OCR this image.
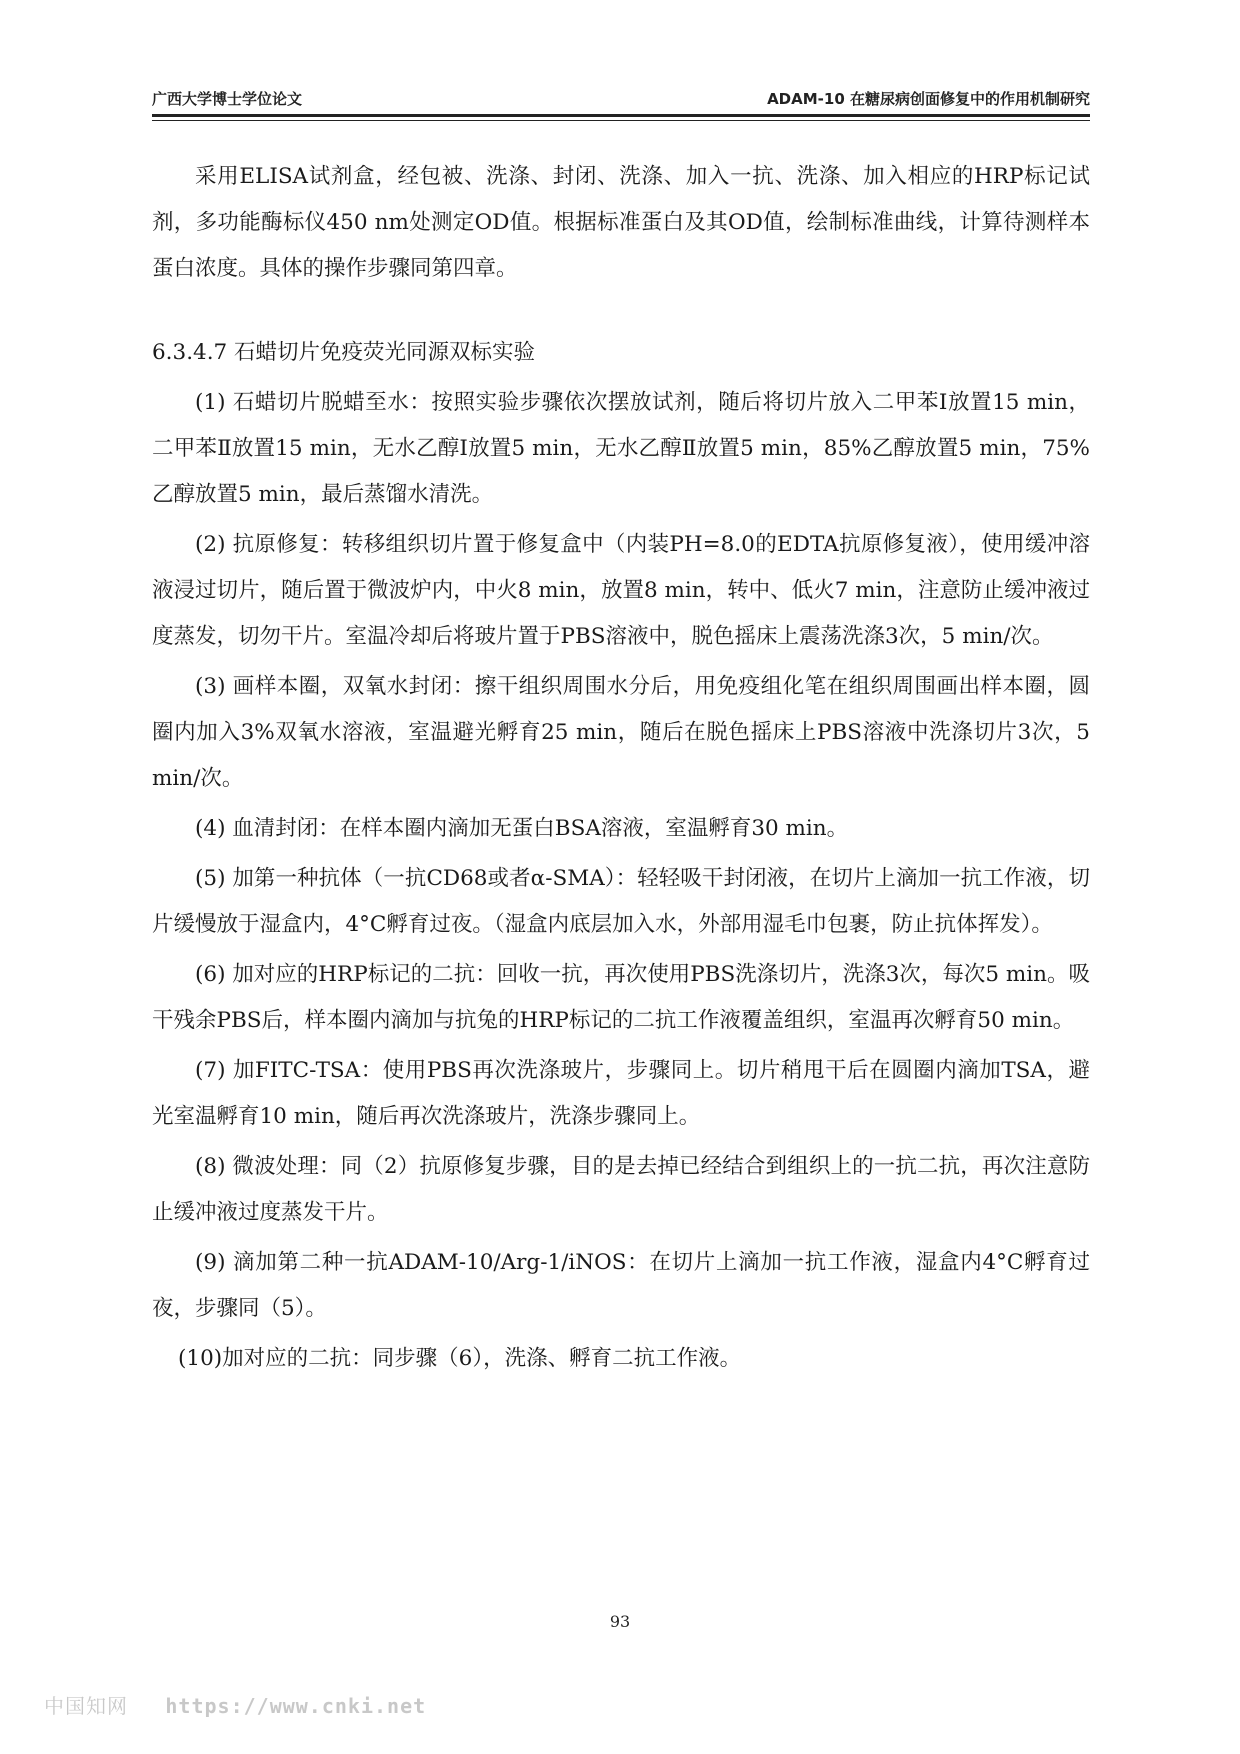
广西大学博士学位论文	ADAM-10 在糖尿病创面修复中的作用机制研究

采用ELISA试剂盒，经包被、洗涤、封闭、洗涤、加入一抗、洗涤、加入相应的HRP标记试剂，多功能酶标仪450 nm处测定OD值。根据标准蛋白及其OD值，绘制标准曲线，计算待测样本蛋白浓度。具体的操作步骤同第四章。

6.3.4.7 石蜡切片免疫荧光同源双标实验

(1) 石蜡切片脱蜡至水：按照实验步骤依次摆放试剂，随后将切片放入二甲苯Ⅰ放置15 min，二甲苯Ⅱ放置15 min，无水乙醇Ⅰ放置5 min，无水乙醇Ⅱ放置5 min，85%乙醇放置5 min，75%乙醇放置5 min，最后蒸馏水清洗。

(2) 抗原修复：转移组织切片置于修复盒中（内装PH=8.0的EDTA抗原修复液），使用缓冲溶液浸过切片，随后置于微波炉内，中火8 min，放置8 min，转中、低火7 min，注意防止缓冲液过度蒸发，切勿干片。室温冷却后将玻片置于PBS溶液中，脱色摇床上震荡洗涤3次，5 min/次。

(3) 画样本圈，双氧水封闭：擦干组织周围水分后，用免疫组化笔在组织周围画出样本圈，圆圈内加入3%双氧水溶液，室温避光孵育25 min，随后在脱色摇床上PBS溶液中洗涤切片3次，5 min/次。

(4) 血清封闭：在样本圈内滴加无蛋白BSA溶液，室温孵育30 min。

(5) 加第一种抗体（一抗CD68或者α-SMA）：轻轻吸干封闭液，在切片上滴加一抗工作液，切片缓慢放于湿盒内，4°C孵育过夜。（湿盒内底层加入水，外部用湿毛巾包裹，防止抗体挥发）。

(6) 加对应的HRP标记的二抗：回收一抗，再次使用PBS洗涤切片，洗涤3次，每次5 min。吸干残余PBS后，样本圈内滴加与抗兔的HRP标记的二抗工作液覆盖组织，室温再次孵育50 min。

(7) 加FITC-TSA：使用PBS再次洗涤玻片，步骤同上。切片稍甩干后在圆圈内滴加TSA，避光室温孵育10 min，随后再次洗涤玻片，洗涤步骤同上。

(8) 微波处理：同（2）抗原修复步骤，目的是去掉已经结合到组织上的一抗二抗，再次注意防止缓冲液过度蒸发干片。

(9) 滴加第二种一抗ADAM-10/Arg-1/iNOS：在切片上滴加一抗工作液，湿盒内4°C孵育过夜，步骤同（5）。

(10)加对应的二抗：同步骤（6），洗涤、孵育二抗工作液。

93
中国知网 https://www.cnki.net
